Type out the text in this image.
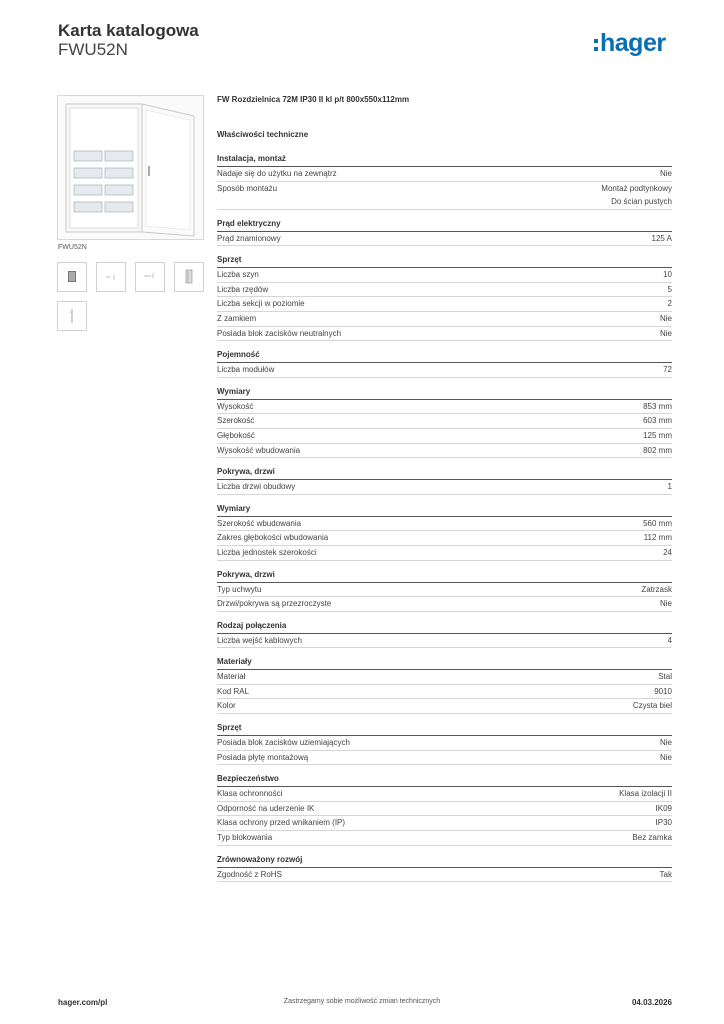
Karta katalogowa
FWU52N	hager
FWU52N
FW Rozdzielnica 72M IP30 II kl p/t 800x550x112mm
Właściwości techniczne
Instalacja, montaż
Nadaje się do użytku na zewnątrz	Nie
Sposób montażu	Montaż podtynkowy
Do ścian pustych
Prąd elektryczny
Prąd znamionowy	125 A
Sprzęt
Liczba szyn	10
Liczba rzędów	5
Liczba sekcji w poziomie	2
Z zamkiem	Nie
Posiada blok zacisków neutralnych	Nie
Pojemność
Liczba modułów	72
Wymiary
Wysokość	853 mm
Szerokość	603 mm
Głębokość	125 mm
Wysokość wbudowania	802 mm
Pokrywa, drzwi
Liczba drzwi obudowy	1
Wymiary
Szerokość wbudowania	560 mm
Zakres głębokości wbudowania	112 mm
Liczba jednostek szerokości	24
Pokrywa, drzwi
Typ uchwytu	Zatrzask
Drzwi/pokrywa są przezroczyste	Nie
Rodzaj połączenia
Liczba wejść kablowych	4
Materiały
Materiał	Stal
Kod RAL	9010
Kolor	Czysta biel
Sprzęt
Posiada blok zacisków uziemiających	Nie
Posiada płytę montażową	Nie
Bezpieczeństwo
Klasa ochronności	Klasa izolacji II
Odporność na uderzenie IK	IK09
Klasa ochrony przed wnikaniem (IP)	IP30
Typ blokowania	Bez zamka
Zrównoważony rozwój
Zgodność z RoHS	Tak
hager.com/pl	Zastrzegamy sobie możliwość zmian technicznych	04.03.2026
